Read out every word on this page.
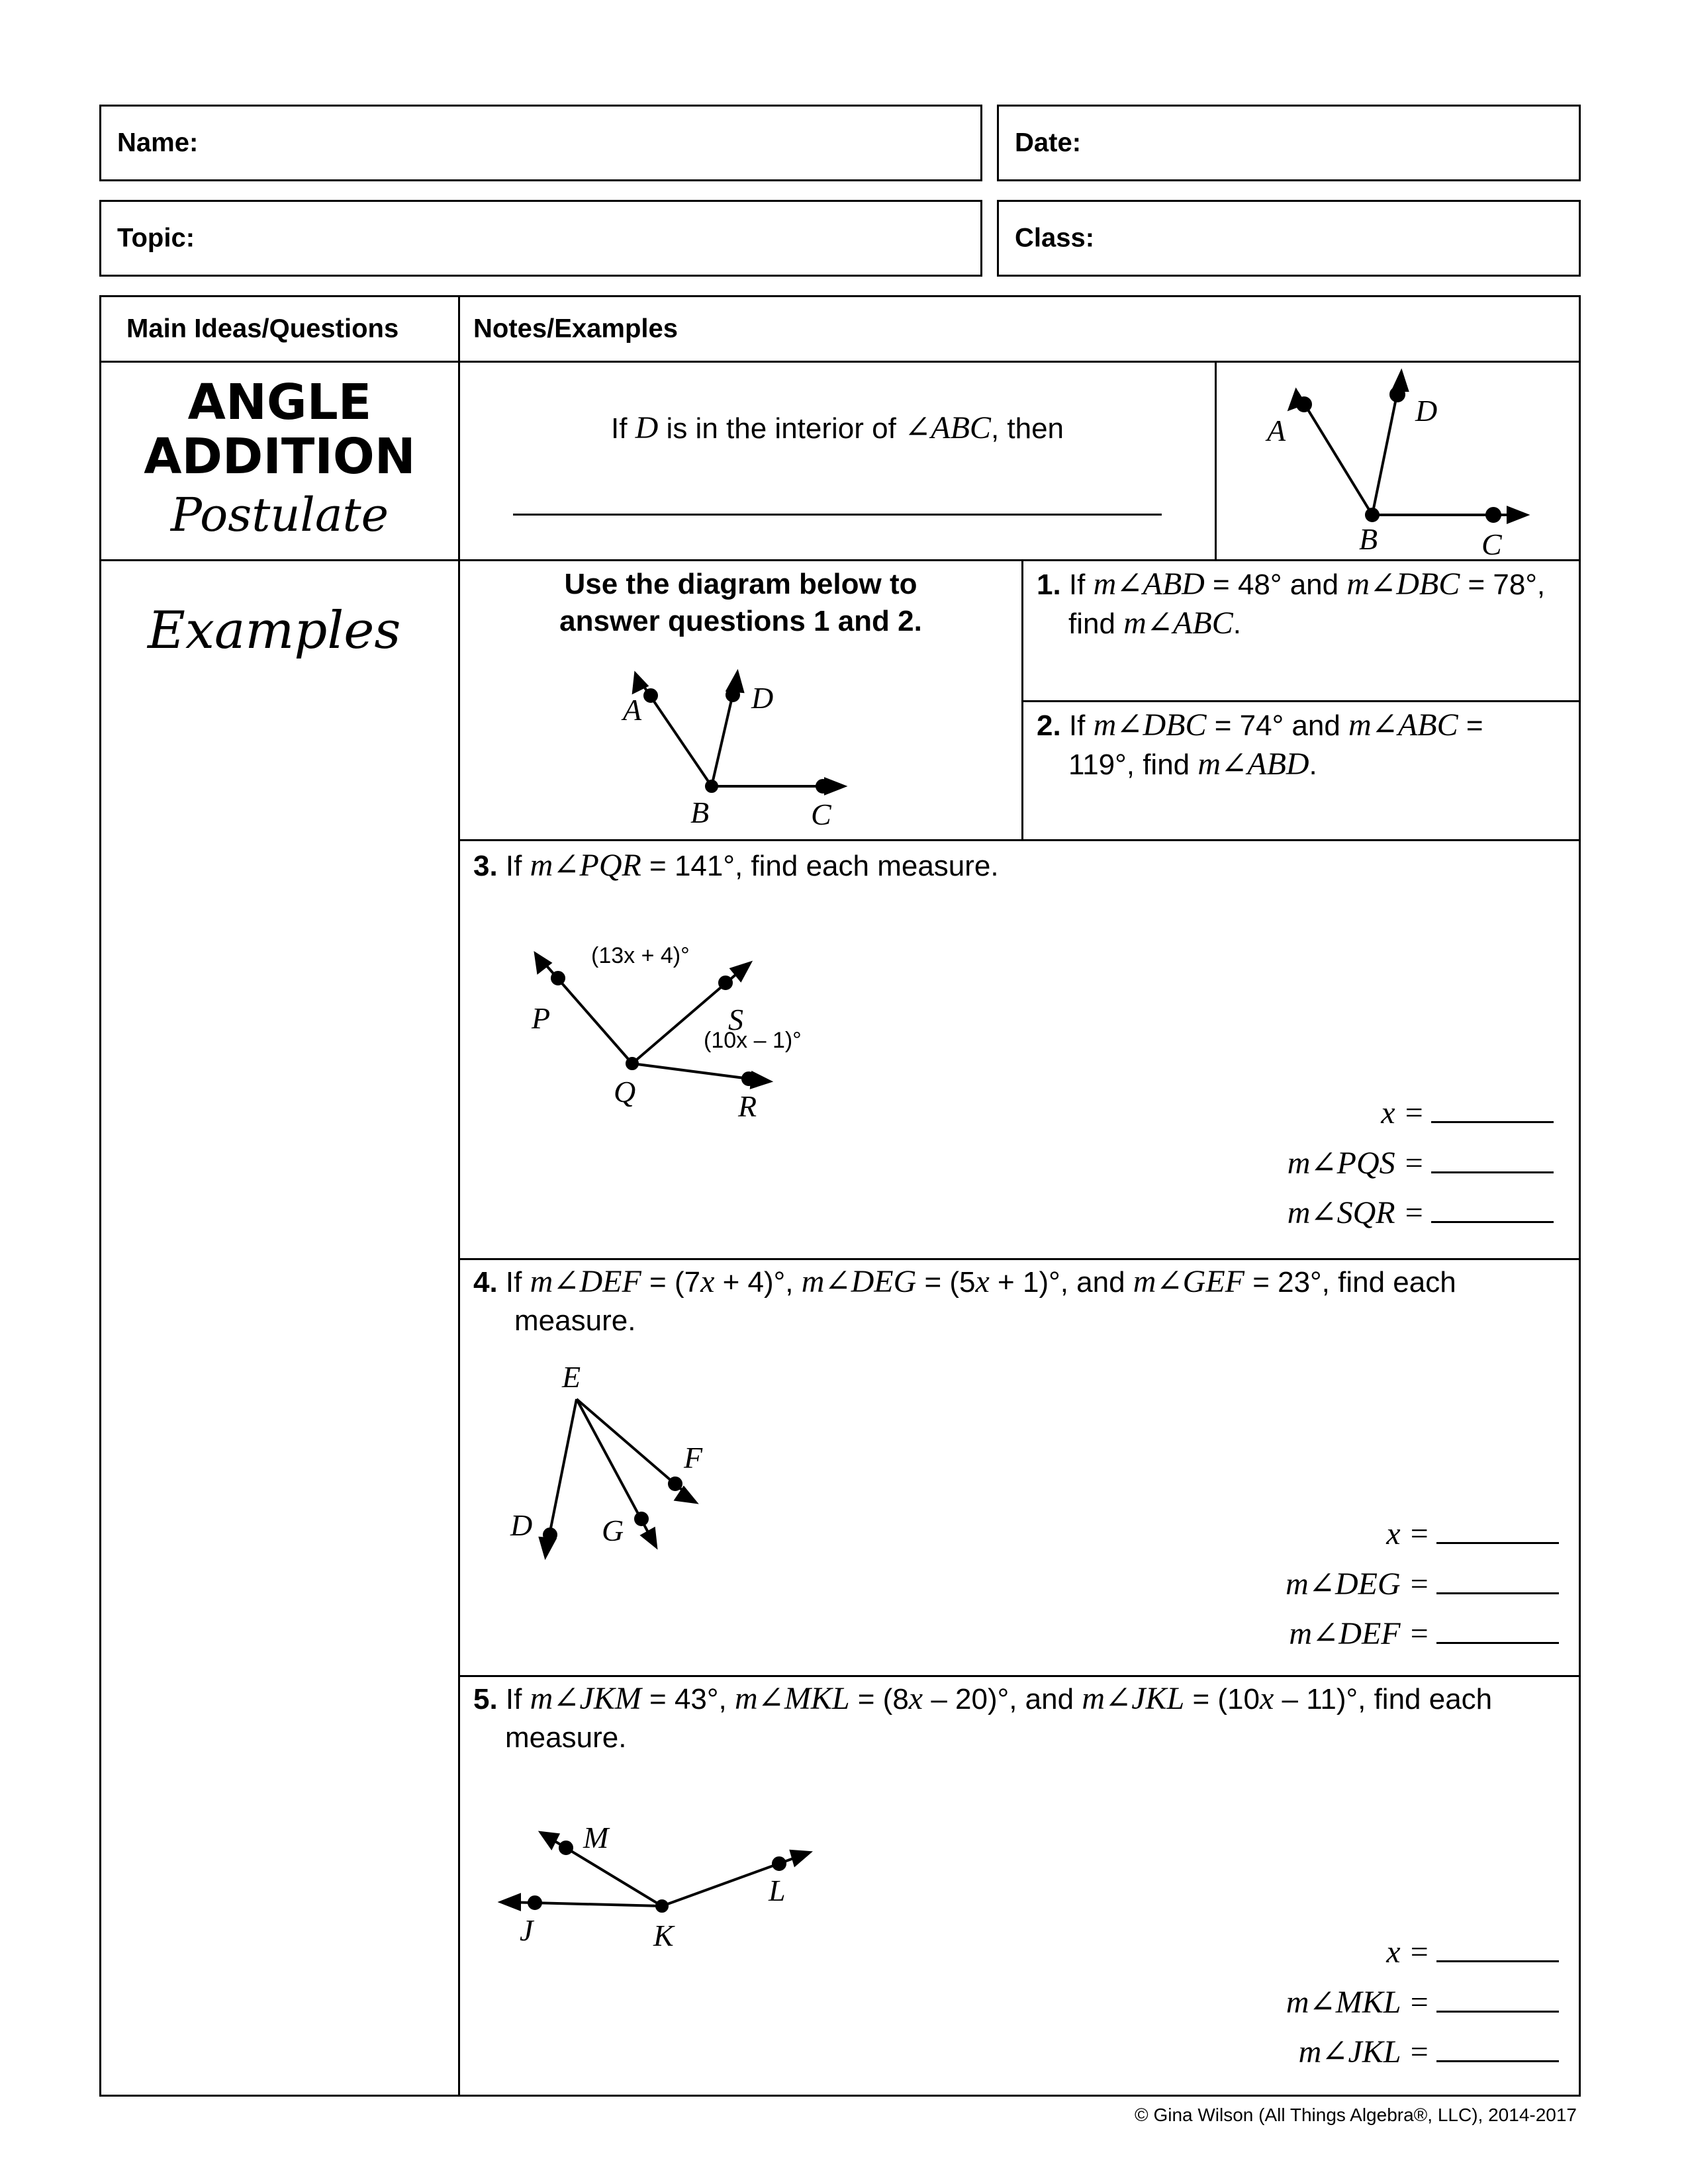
Name:	Date:
Topic:	Class:
Main Ideas/Questions	Notes/Examples
ANGLE
ADDITION
Postulate
If D is in the interior of ∠ABC, then	A
D
B	C
Examples
Use the diagram below to
answer questions 1 and 2.
A	D
B	C
1. If m∠ABD = 48° and m∠DBC = 78°,
find m∠ABC.
2. If m∠DBC = 74° and m∠ABC =
119°, find m∠ABD.
3. If m∠PQR = 141°, find each measure.
P	S
Q	R
(13x + 4)°
(10x – 1)°
x =
m∠PQS =
m∠SQR =
4. If m∠DEF = (7x + 4)°, m∠DEG = (5x + 1)°, and m∠GEF = 23°, find each
measure.
E
F
D G	x =
m∠DEG =
m∠DEF =
5. If m∠JKM = 43°, m∠MKL = (8x – 20)°, and m∠JKL = (10x – 11)°, find each
measure.
M
L
J	K	x =
m∠MKL =
m∠JKL =
© Gina Wilson (All Things Algebra®, LLC), 2014-2017
